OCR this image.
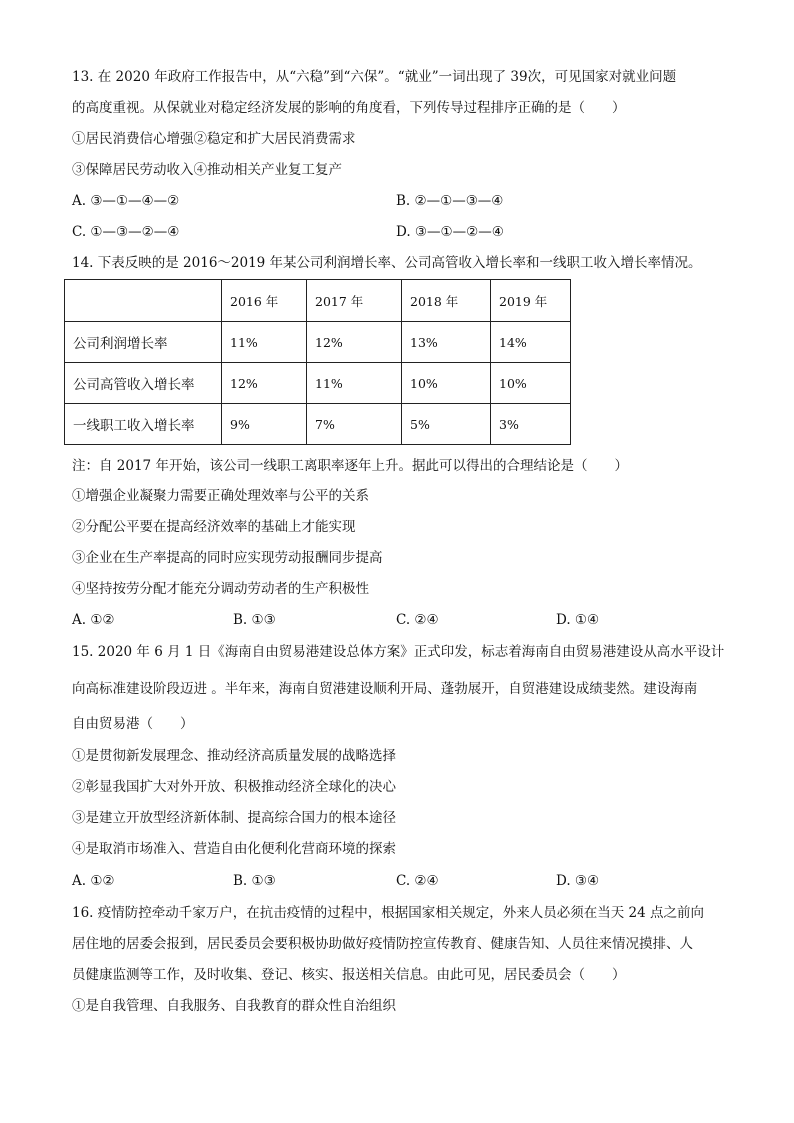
13. 在 2020 年政府工作报告中，从“六稳”到“六保”。“就业”一词出现了 39次，可见国家对就业问题
的高度重视。从保就业对稳定经济发展的影响的角度看，下列传导过程排序正确的是（　　）
①居民消费信心增强②稳定和扩大居民消费需求
③保障居民劳动收入④推动相关产业复工复产
A. ③—①—④—②	B. ②—①—③—④
C. ①—③—②—④	D. ③—①—②—④
14. 下表反映的是 2016～2019 年某公司利润增长率、公司高管收入增长率和一线职工收入增长率情况。
	2016 年	2017 年	2018 年	2019 年
公司利润增长率	11%	12%	13%	14%
公司高管收入增长率	12%	11%	10%	10%
一线职工收入增长率	9%	7%	5%	3%
注：自 2017 年开始，该公司一线职工离职率逐年上升。据此可以得出的合理结论是（　　）
①增强企业凝聚力需要正确处理效率与公平的关系
②分配公平要在提高经济效率的基础上才能实现
③企业在生产率提高的同时应实现劳动报酬同步提高
④坚持按劳分配才能充分调动劳动者的生产积极性
A. ①②	B. ①③	C. ②④	D. ①④
15. 2020 年 6 月 1 日《海南自由贸易港建设总体方案》正式印发，标志着海南自由贸易港建设从高水平设计
向高标准建设阶段迈进 。半年来，海南自贸港建设顺利开局、蓬勃展开，自贸港建设成绩斐然。建设海南
自由贸易港（　　）
①是贯彻新发展理念、推动经济高质量发展的战略选择
②彰显我国扩大对外开放、积极推动经济全球化的决心
③是建立开放型经济新体制、提高综合国力的根本途径
④是取消市场准入、营造自由化便利化营商环境的探索
A. ①②	B. ①③	C. ②④	D. ③④
16. 疫情防控牵动千家万户，在抗击疫情的过程中，根据国家相关规定，外来人员必须在当天 24 点之前向
居住地的居委会报到，居民委员会要积极协助做好疫情防控宣传教育、健康告知、人员往来情况摸排、人
员健康监测等工作，及时收集、登记、核实、报送相关信息。由此可见，居民委员会（　　）
①是自我管理、自我服务、自我教育的群众性自治组织
